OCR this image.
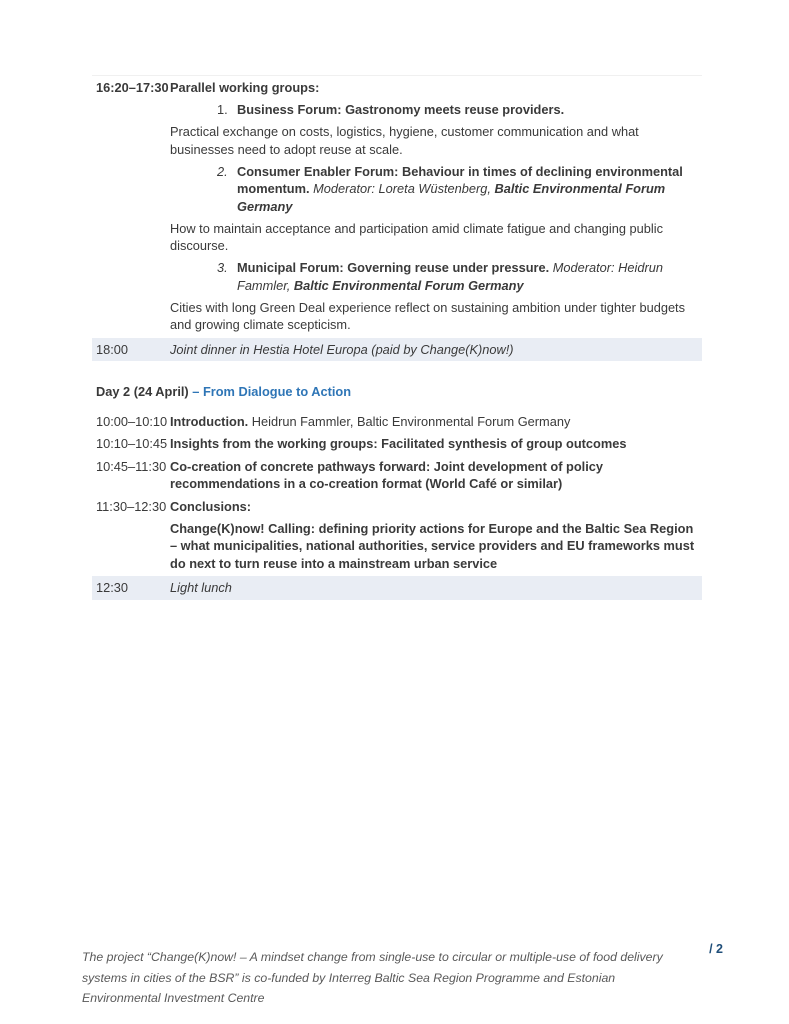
16:20–17:30 Parallel working groups:
1. Business Forum: Gastronomy meets reuse providers.
Practical exchange on costs, logistics, hygiene, customer communication and what businesses need to adopt reuse at scale.
2. Consumer Enabler Forum: Behaviour in times of declining environmental momentum. Moderator: Loreta Wüstenberg, Baltic Environmental Forum Germany
How to maintain acceptance and participation amid climate fatigue and changing public discourse.
3. Municipal Forum: Governing reuse under pressure. Moderator: Heidrun Fammler, Baltic Environmental Forum Germany
Cities with long Green Deal experience reflect on sustaining ambition under tighter budgets and growing climate scepticism.
18:00	Joint dinner in Hestia Hotel Europa (paid by Change(K)now!)
Day 2 (24 April) – From Dialogue to Action
10:00–10:10 Introduction. Heidrun Fammler, Baltic Environmental Forum Germany
10:10–10:45 Insights from the working groups: Facilitated synthesis of group outcomes
10:45–11:30 Co-creation of concrete pathways forward: Joint development of policy recommendations in a co-creation format (World Café or similar)
11:30–12:30 Conclusions:
Change(K)now! Calling: defining priority actions for Europe and the Baltic Sea Region – what municipalities, national authorities, service providers and EU frameworks must do next to turn reuse into a mainstream urban service
12:30	Light lunch
The project “Change(K)now! – A mindset change from single-use to circular or multiple-use of food delivery systems in cities of the BSR” is co-funded by Interreg Baltic Sea Region Programme and Estonian Environmental Investment Centre
/ 2
